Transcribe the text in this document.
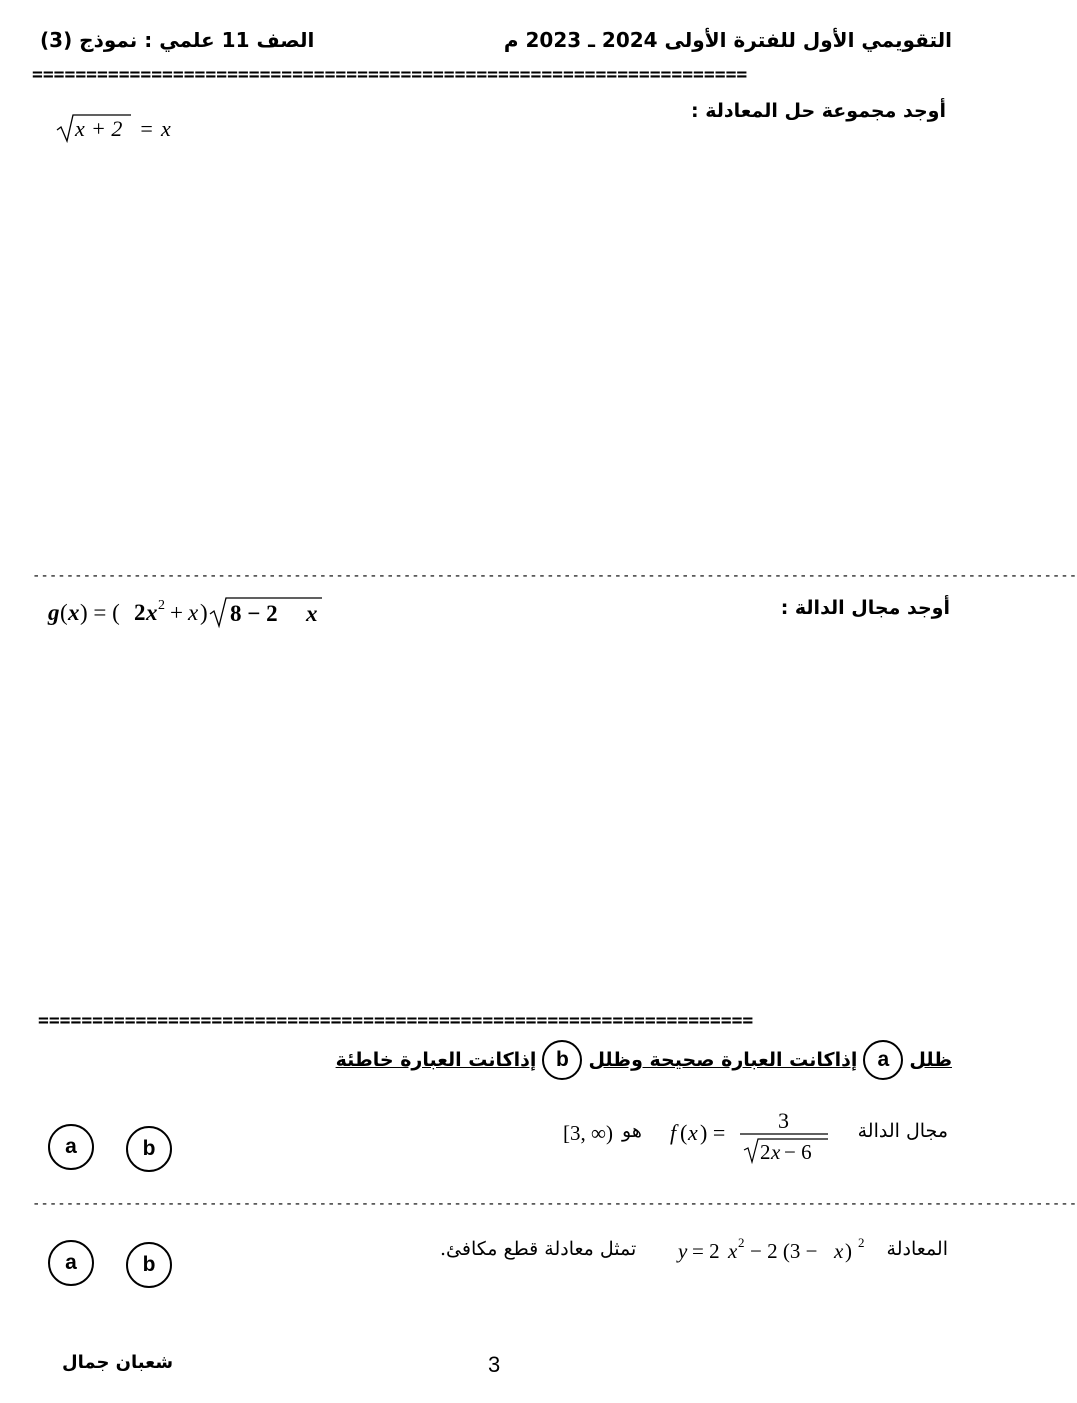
التقويمي الأول للفترة الأولى 2024 ـ 2023 م
الصف 11 علمي : نموذج (3)
==================================================================
أوجد مجموعة حل المعادلة :
x + 2 = x
----------------------------------------------------------------------------------------------------------------------------
أوجد مجال الدالة :
g ( x ) = ( 2 x 2 + x ) 8 − 2 x
==================================================================
ظلل
a
إذاكانت العبارة صحيحة وظلل
b
إذاكانت العبارة خاطئة
a	b
مجال الدالة
f ( x ) = 3
2 x − 6
هو
[3, ∞)
----------------------------------------------------------------------------------------------------------------------------
a	b
المعادلة
y = 2 x 2 − 2 (3 − x ) 2
تمثل معادلة قطع مكافئ.
3
شعبان جمال
